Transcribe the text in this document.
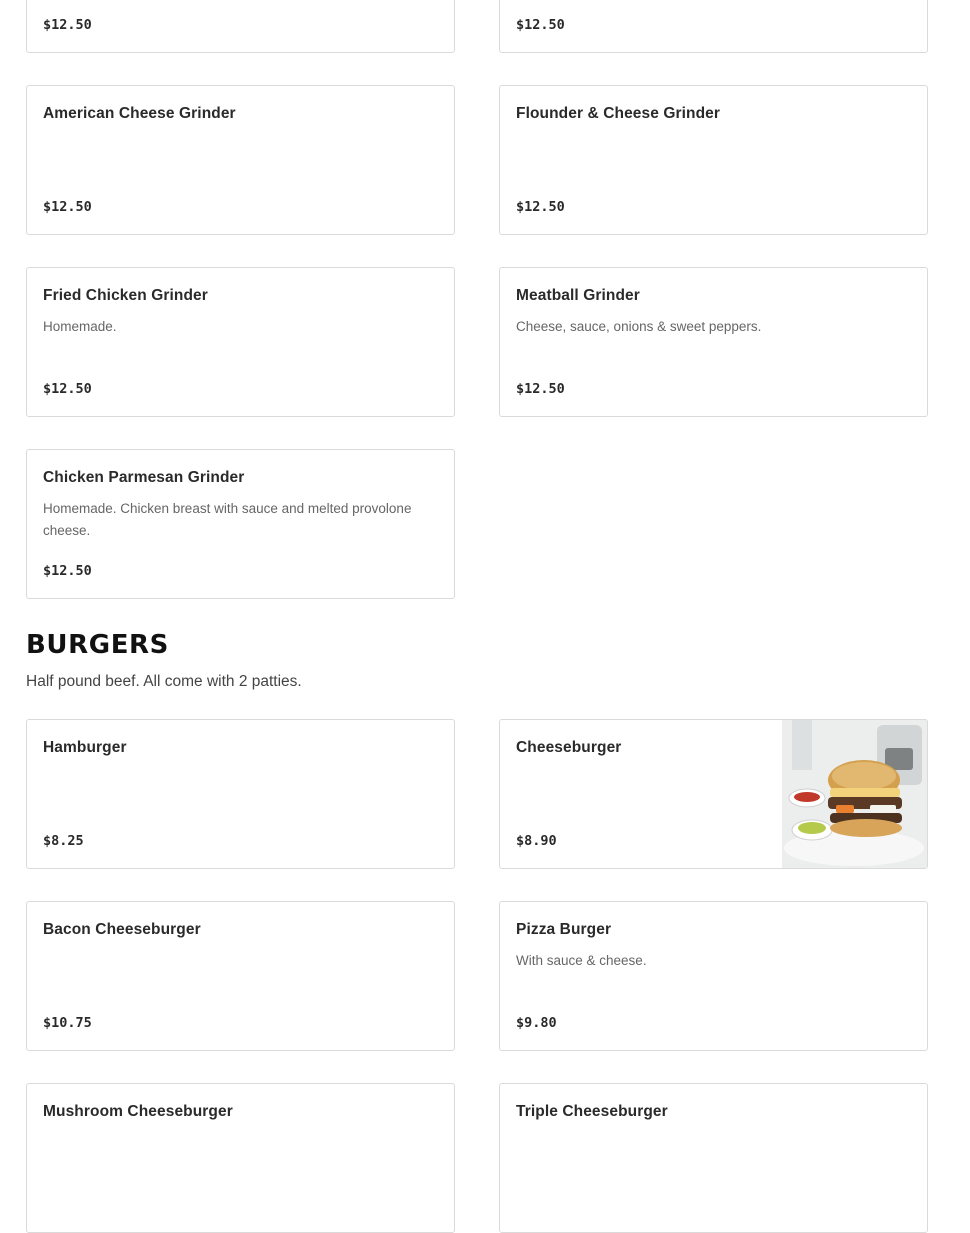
$12.50	$12.50
American Cheese Grinder
$12.50
Flounder & Cheese Grinder
$12.50
Fried Chicken Grinder
Homemade.
$12.50
Meatball Grinder
Cheese, sauce, onions & sweet peppers.
$12.50
Chicken Parmesan Grinder
Homemade. Chicken breast with sauce and melted provolone cheese.
$12.50
BURGERS

Half pound beef. All come with 2 patties.

Hamburger
$8.25
Cheeseburger
$8.90
Bacon Cheeseburger
$10.75
Pizza Burger
With sauce & cheese.
$9.80
Mushroom Cheeseburger	Triple Cheeseburger
